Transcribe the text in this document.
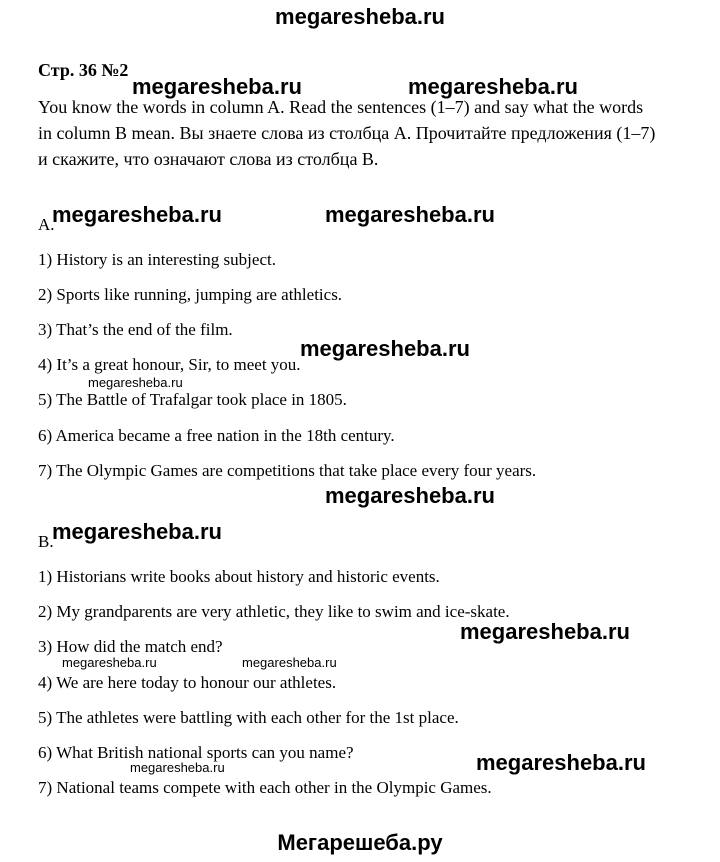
megaresheba.ru
Стр. 36 №2
You know the words in column A. Read the sentences (1–7) and say what the words in column B mean. Вы знаете слова из столбца А. Прочитайте предложения (1–7) и скажите, что означают слова из столбца В.
A.
1) History is an interesting subject.
2) Sports like running, jumping are athletics.
3) That’s the end of the film.
4) It’s a great honour, Sir, to meet you.
5) The Battle of Trafalgar took place in 1805.
6) America became a free nation in the 18th century.
7) The Olympic Games are competitions that take place every four years.
B.
1) Historians write books about history and historic events.
2) My grandparents are very athletic, they like to swim and ice-skate.
3) How did the match end?
4) We are here today to honour our athletes.
5) The athletes were battling with each other for the 1st place.
6) What British national sports can you name?
7) National teams compete with each other in the Olympic Games.
megaresheba.ru	megaresheba.ru
megaresheba.ru	megaresheba.ru
megaresheba.ru
megaresheba.ru
megaresheba.ru
megaresheba.ru
megaresheba.ru
megaresheba.ru	megaresheba.ru
megaresheba.ru
megaresheba.ru
Мегарешеба.ру
